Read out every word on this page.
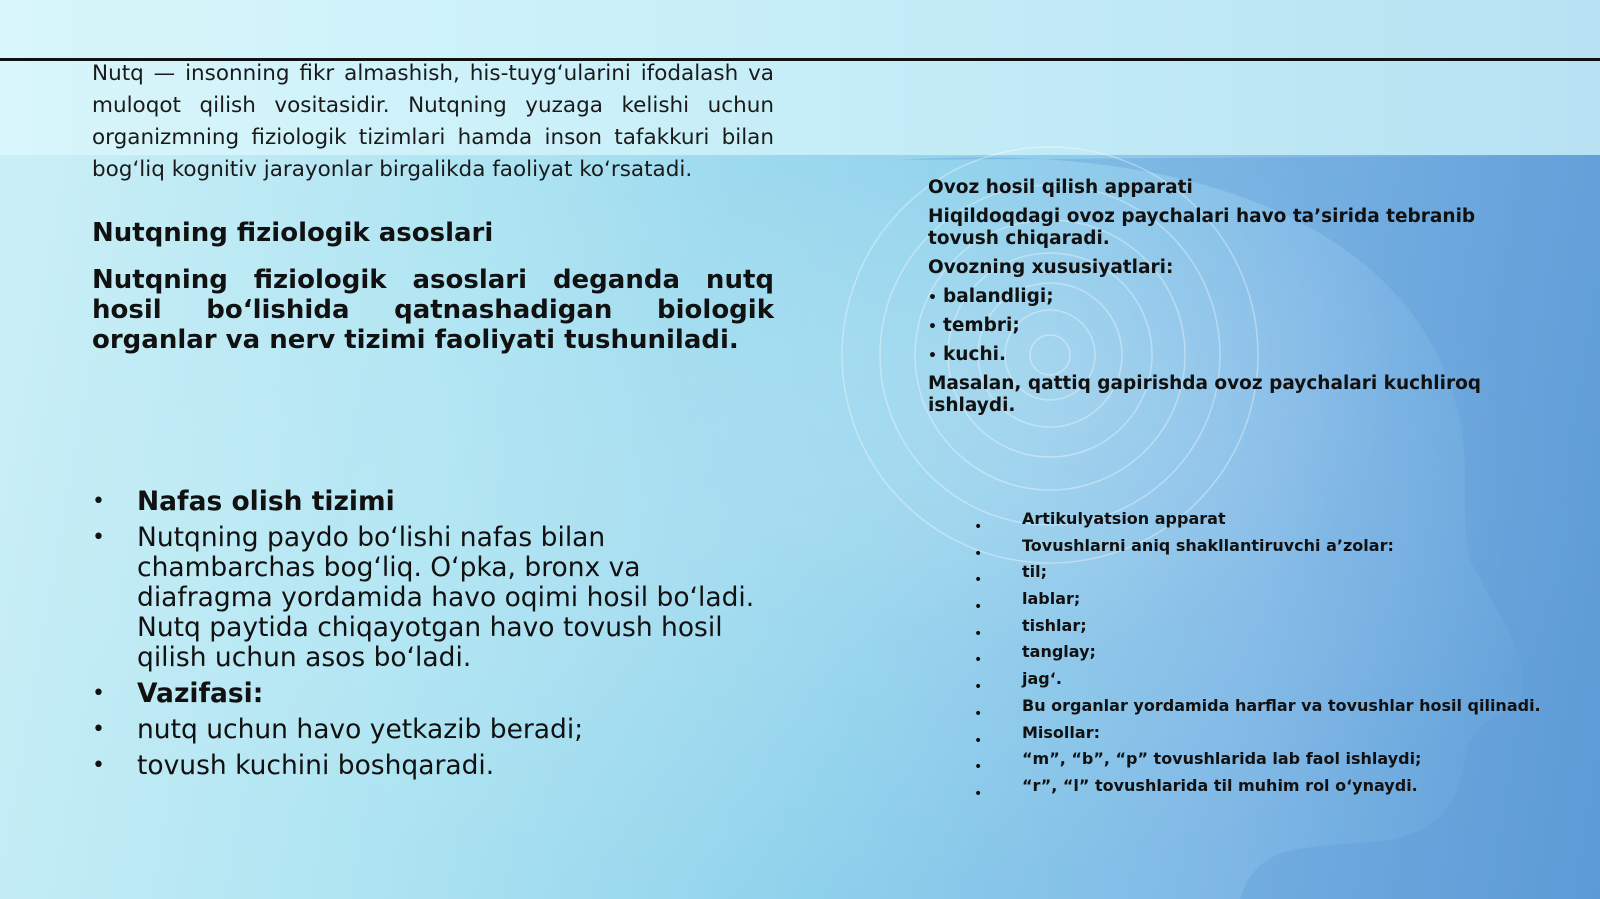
Nutq — insonning fikr almashish, his-tuyg‘ularini ifodalash va muloqot qilish vositasidir. Nutqning yuzaga kelishi uchun organizmning fiziologik tizimlari hamda inson tafakkuri bilan bog‘liq kognitiv jarayonlar birgalikda faoliyat ko‘rsatadi.
Nutqning fiziologik asoslari
Nutqning fiziologik asoslari deganda nutq hosil bo‘lishida qatnashadigan biologik organlar va nerv tizimi faoliyati tushuniladi.
• Nafas olish tizimi
• Nutqning paydo bo‘lishi nafas bilan chambarchas bog‘liq. O‘pka, bronx va diafragma yordamida havo oqimi hosil bo‘ladi. Nutq paytida chiqayotgan havo tovush hosil qilish uchun asos bo‘ladi.
• Vazifasi:
• nutq uchun havo yetkazib beradi;
• tovush kuchini boshqaradi.
Ovoz hosil qilish apparati
Hiqildoqdagi ovoz paychalari havo ta’sirida tebranib tovush chiqaradi.
Ovozning xususiyatlari:
• balandligi;
• tembri;
• kuchi.
Masalan, qattiq gapirishda ovoz paychalari kuchliroq ishlaydi.
•
•
•
•
•
•
•
•
•
•
•
Artikulyatsion apparat
Tovushlarni aniq shakllantiruvchi a’zolar:
til;
lablar;
tishlar;
tanglay;
jag‘.
Bu organlar yordamida harflar va tovushlar hosil qilinadi.
Misollar:
“m”, “b”, “p” tovushlarida lab faol ishlaydi;
“r”, “l” tovushlarida til muhim rol o‘ynaydi.
